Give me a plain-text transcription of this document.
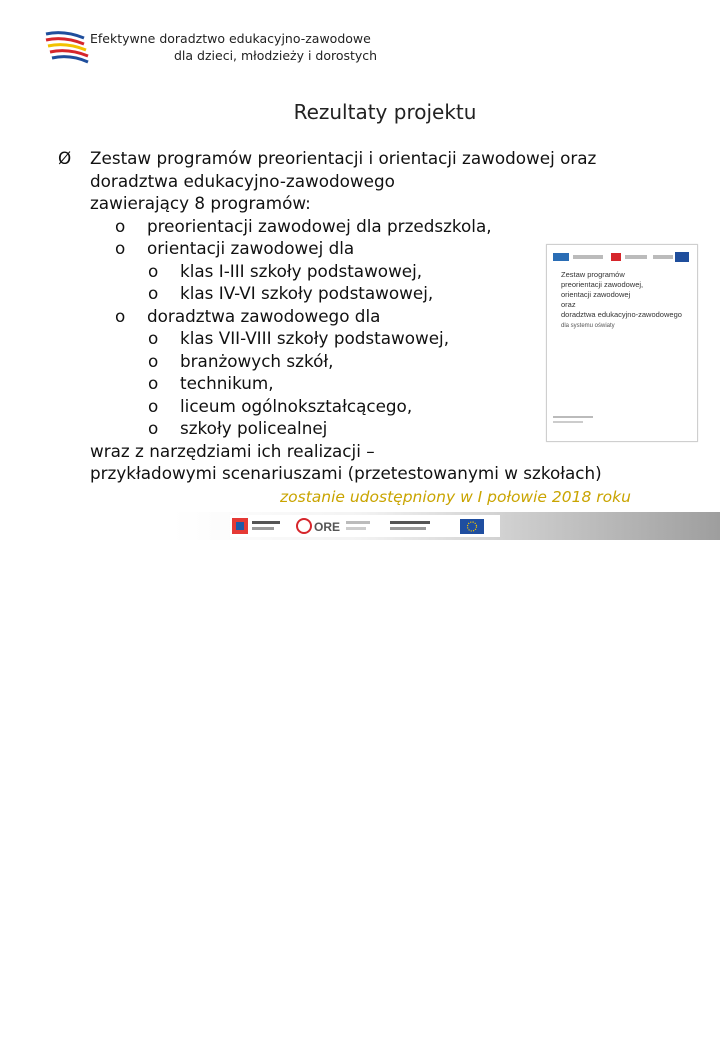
Efektywne doradztwo edukacyjno-zawodowe
dla dzieci, młodzieży i dorostych
Rezultaty projektu
Ø Zestaw programów preorientacji i orientacji zawodowej oraz
doradztwa edukacyjno-zawodowego
zawierający 8 programów:
o preorientacji zawodowej dla przedszkola,
o orientacji zawodowej dla
o klas I-III szkoły podstawowej,
o klas IV-VI szkoły podstawowej,
o doradztwa zawodowego dla
o klas VII-VIII szkoły podstawowej,
o branżowych szkół,
o technikum,
o liceum ogólnokształcącego,
o szkoły policealnej
wraz z narzędziami ich realizacji –
przykładowymi scenariuszami (przetestowanymi w szkołach)
zostanie udostępniony w I połowie 2018 roku
Zestaw programów
preorientacji zawodowej,
orientacji zawodowej
oraz
doradztwa edukacyjno-zawodowego
dla systemu oświaty
ORE
●ORE
